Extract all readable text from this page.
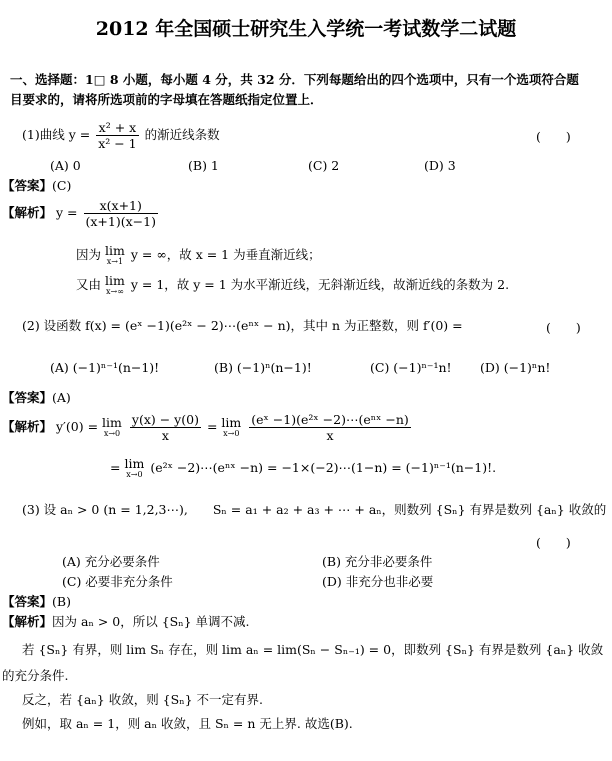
2012 年全国硕士研究生入学统一考试数学二试题
一、选择题：1□ 8 小题，每小题 4 分，共 32 分．下列每题给出的四个选项中，只有一个选项符合题
目要求的，请将所选项前的字母填在答题纸指定位置上．
(1)曲线 $y = \frac{\text{x² + x}}{\text{x² − 1}}$ 的渐近线条数	(　　)
(A) 0	(B) 1	(C) 2	(D) 3
【答案】(C)
【解析】 $y = \frac{x(x+1)}{(x+1)(x-1)}$
因为 lim
x→1 y = ∞，故 x = 1 为垂直渐近线；
又由 lim
x→∞ y = 1，故 y = 1 为水平渐近线，无斜渐近线，故渐近线的条数为 2.
(2) 设函数 f(x) = (eˣ −1)(e²ˣ − 2)⋯(eⁿˣ − n)，其中 n 为正整数，则 f′(0) =	(　　)
(A) (−1)ⁿ⁻¹(n−1)!	(B) (−1)ⁿ(n−1)!	(C) (−1)ⁿ⁻¹n! (D) (−1)ⁿn!
【答案】(A)
【解析】 y′(0) = lim
x→0
$\frac{y(x) - y(0)}{x} = \lim$
x→0
$\frac{\text{(eˣ −1)(e²ˣ −2)⋯(eⁿˣ −n)}}{x}$
= lim
x→0 (e²ˣ −2)⋯(eⁿˣ −n) = −1×(−2)⋯(1−n) = (−1)ⁿ⁻¹(n−1)!.
(3) 设 aₙ > 0 (n = 1,2,3⋯),　　Sₙ = a₁ + a₂ + a₃ + ⋯ + aₙ，则数列 {Sₙ} 有界是数列 {aₙ} 收敛的
(　　)
(A) 充分必要条件	(B) 充分非必要条件
(C) 必要非充分条件	(D) 非充分也非必要
【答案】(B)
【解析】因为 aₙ > 0，所以 {Sₙ} 单调不减.
若 {Sₙ} 有界，则 lim Sₙ 存在，则 lim aₙ = lim(Sₙ − Sₙ₋₁) = 0，即数列 {Sₙ} 有界是数列 {aₙ} 收敛
的充分条件.
反之，若 {aₙ} 收敛，则 {Sₙ} 不一定有界.
例如，取 aₙ = 1，则 aₙ 收敛，且 Sₙ = n 无上界. 故选(B).
